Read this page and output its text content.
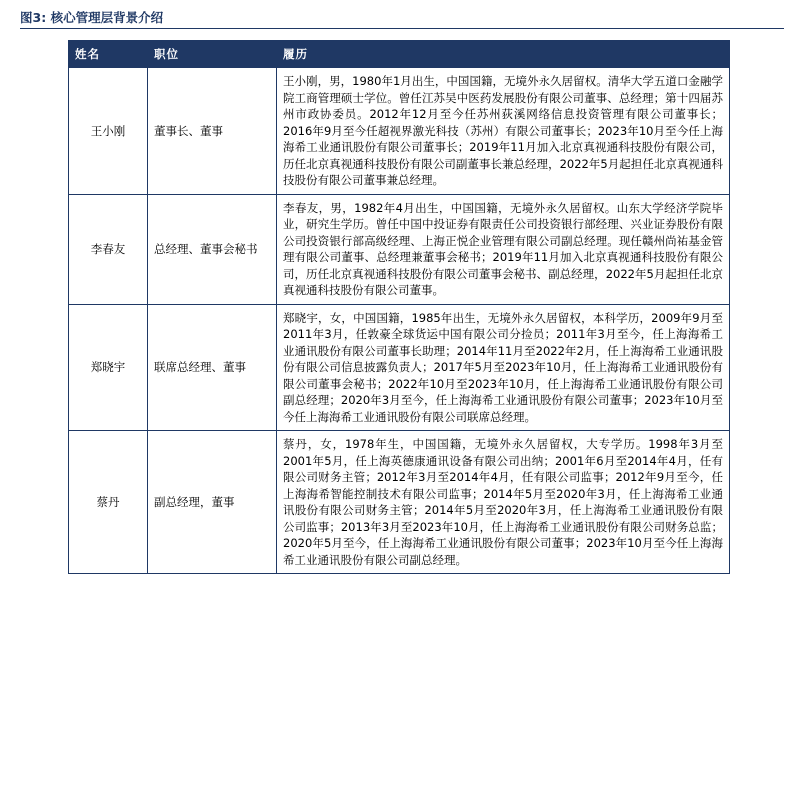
图3: 核心管理层背景介绍
姓名	职位	履历
王小刚	董事长、董事	王小刚，男，1980年1月出生，中国国籍，无境外永久居留权。清华大学五道口金融学院工商管理硕士学位。曾任江苏吴中医药发展股份有限公司董事、总经理；第十四届苏州市政协委员。2012年12月至今任苏州荻溪网络信息投资管理有限公司董事长；2016年9月至今任超视界激光科技（苏州）有限公司董事长；2023年10月至今任上海海希工业通讯股份有限公司董事长；2019年11月加入北京真视通科技股份有限公司，历任北京真视通科技股份有限公司副董事长兼总经理，2022年5月起担任北京真视通科技股份有限公司董事兼总经理。
李春友	总经理、董事会秘书	李春友，男，1982年4月出生，中国国籍，无境外永久居留权。山东大学经济学院毕业，研究生学历。曾任中国中投证券有限责任公司投资银行部经理、兴业证券股份有限公司投资银行部高级经理、上海正悦企业管理有限公司副总经理。现任赣州尚祐基金管理有限公司董事、总经理兼董事会秘书；2019年11月加入北京真视通科技股份有限公司，历任北京真视通科技股份有限公司董事会秘书、副总经理，2022年5月起担任北京真视通科技股份有限公司董事。
郑晓宇	联席总经理、董事	郑晓宇，女，中国国籍，1985年出生，无境外永久居留权，本科学历，2009年9月至2011年3月，任敦豪全球货运中国有限公司分捡员；2011年3月至今，任上海海希工业通讯股份有限公司董事长助理；2014年11月至2022年2月，任上海海希工业通讯股份有限公司信息披露负责人；2017年5月至2023年10月，任上海海希工业通讯股份有限公司董事会秘书；2022年10月至2023年10月，任上海海希工业通讯股份有限公司副总经理；2020年3月至今，任上海海希工业通讯股份有限公司董事；2023年10月至今任上海海希工业通讯股份有限公司联席总经理。
蔡丹	副总经理，董事	蔡丹，女，1978年生，中国国籍，无境外永久居留权，大专学历。1998年3月至2001年5月，任上海英德康通讯设备有限公司出纳；2001年6月至2014年4月，任有限公司财务主管；2012年3月至2014年4月，任有限公司监事；2012年9月至今，任上海海希智能控制技术有限公司监事；2014年5月至2020年3月，任上海海希工业通讯股份有限公司财务主管；2014年5月至2020年3月，任上海海希工业通讯股份有限公司监事；2013年3月至2023年10月，任上海海希工业通讯股份有限公司财务总监；2020年5月至今，任上海海希工业通讯股份有限公司董事；2023年10月至今任上海海希工业通讯股份有限公司副总经理。
